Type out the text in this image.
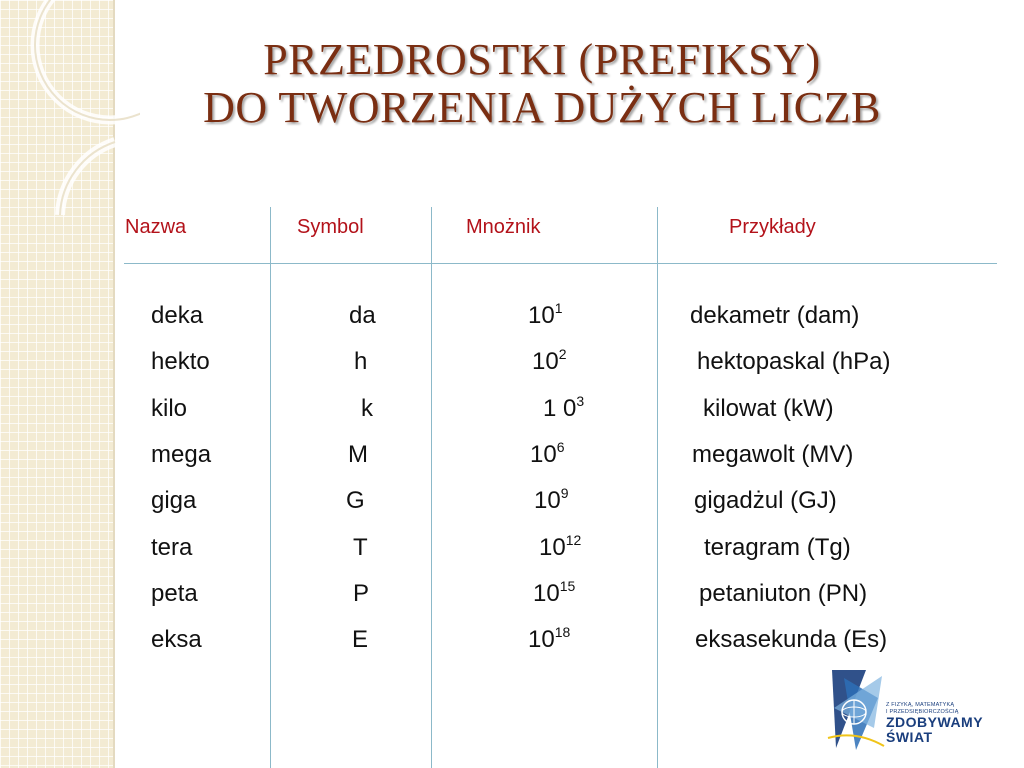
PRZEDROSTKI (PREFIKSY)
DO TWORZENIA DUŻYCH LICZB
Nazwa	Symbol	Mnożnik	Przykłady
deka	da	$10^1$	dekametr (dam)
hekto	h	$10^2$	hektopaskal (hPa)
kilo	k	1 $0^3$	kilowat (kW)
mega	M	$10^6$	megawolt (MV)
giga	G	$10^9$	gigadżul (GJ)
tera	T	$10^{12}$	teragram (Tg)
peta	P	$10^{15}$	petaniuton (PN)
eksa	E	$10^{18}$	eksasekunda (Es)
Z FIZYKĄ, MATEMATYKĄ
I PRZEDSIĘBIORCZOŚCIĄ
ZDOBYWAMY
ŚWIAT
